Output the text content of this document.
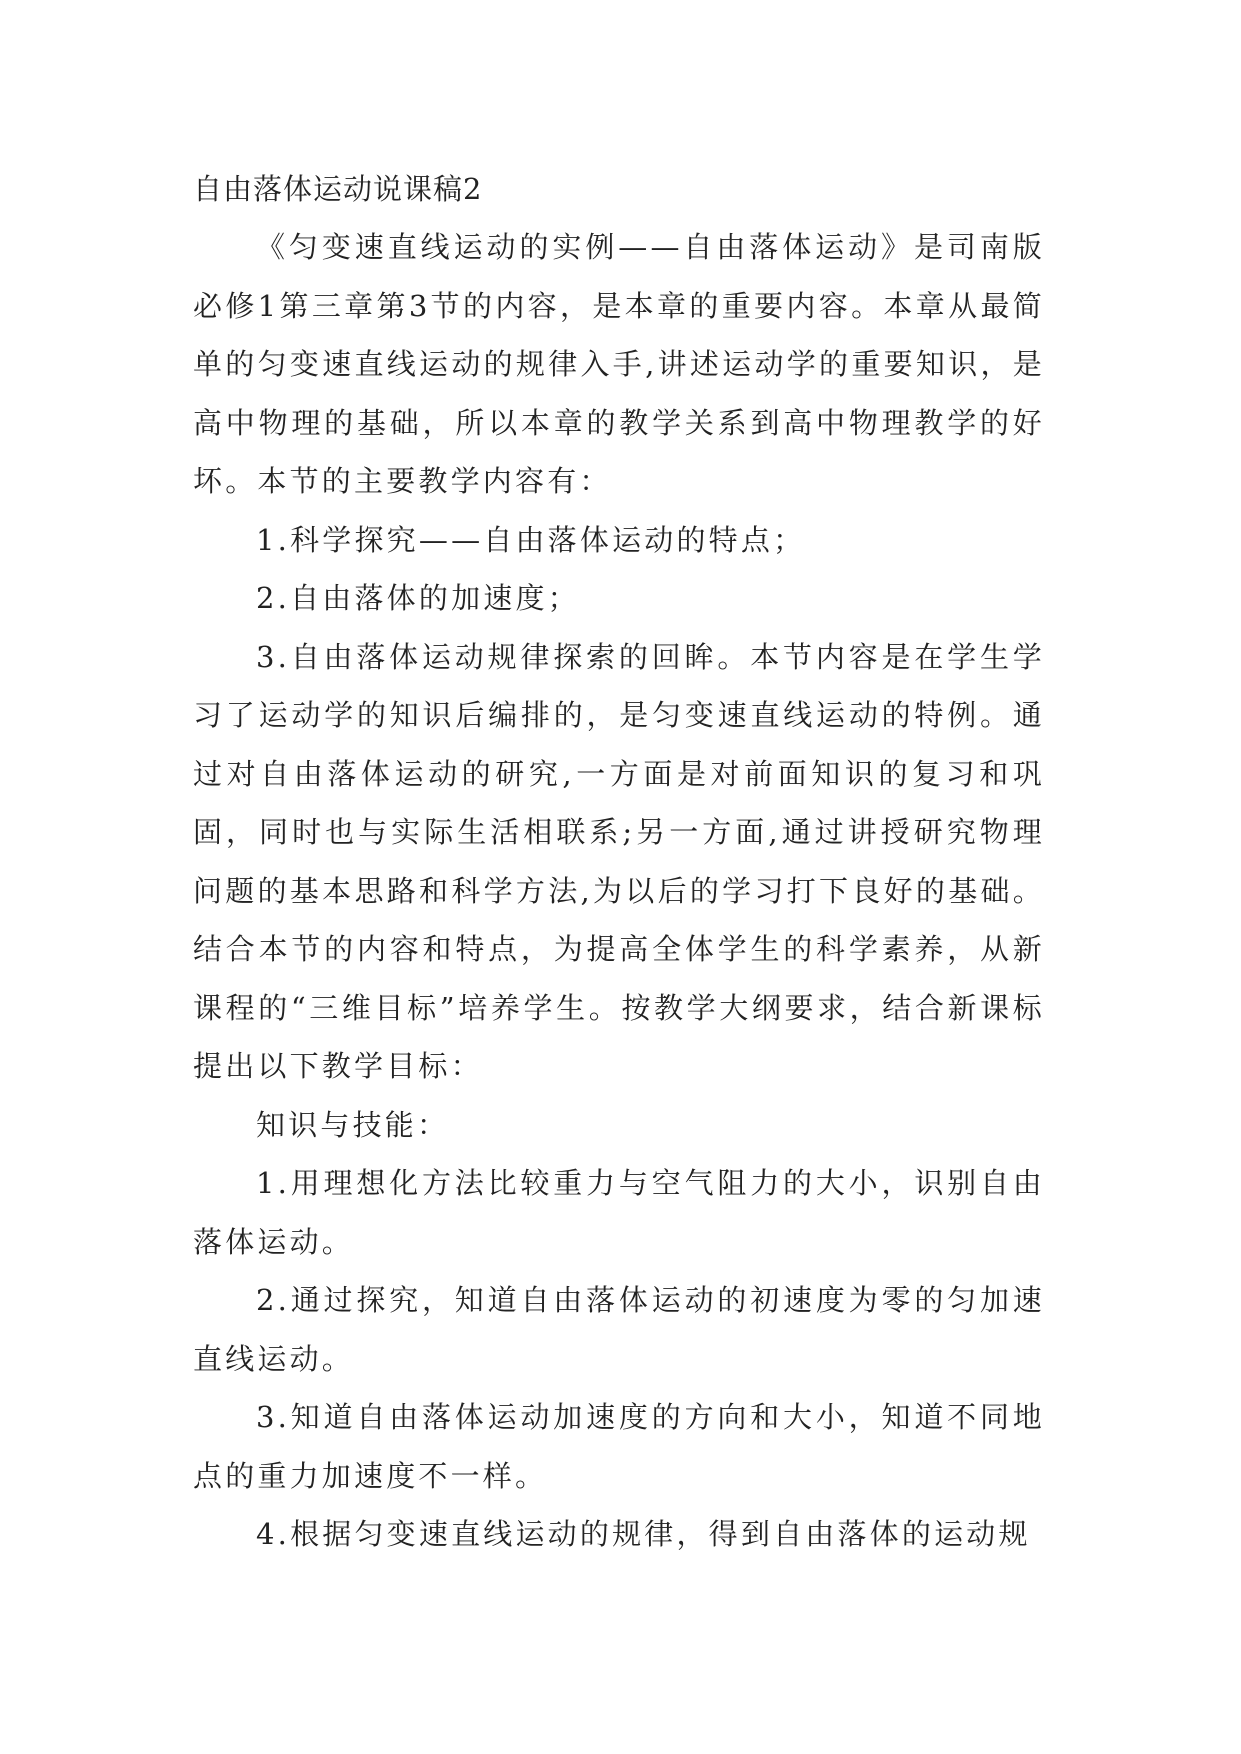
自由落体运动说课稿2

《匀变速直线运动的实例——自由落体运动》是司南版必修1第三章第3节的内容，是本章的重要内容。本章从最简单的匀变速直线运动的规律入手,讲述运动学的重要知识，是高中物理的基础，所以本章的教学关系到高中物理教学的好坏。本节的主要教学内容有：

1.科学探究——自由落体运动的特点；

2.自由落体的加速度；

3.自由落体运动规律探索的回眸。本节内容是在学生学习了运动学的知识后编排的，是匀变速直线运动的特例。通过对自由落体运动的研究,一方面是对前面知识的复习和巩固，同时也与实际生活相联系;另一方面,通过讲授研究物理问题的基本思路和科学方法,为以后的学习打下良好的基础。结合本节的内容和特点，为提高全体学生的科学素养，从新课程的“三维目标”培养学生。按教学大纲要求，结合新课标提出以下教学目标：

知识与技能：

1.用理想化方法比较重力与空气阻力的大小，识别自由落体运动。

2.通过探究，知道自由落体运动的初速度为零的匀加速直线运动。

3.知道自由落体运动加速度的方向和大小，知道不同地点的重力加速度不一样。

4.根据匀变速直线运动的规律，得到自由落体的运动规
